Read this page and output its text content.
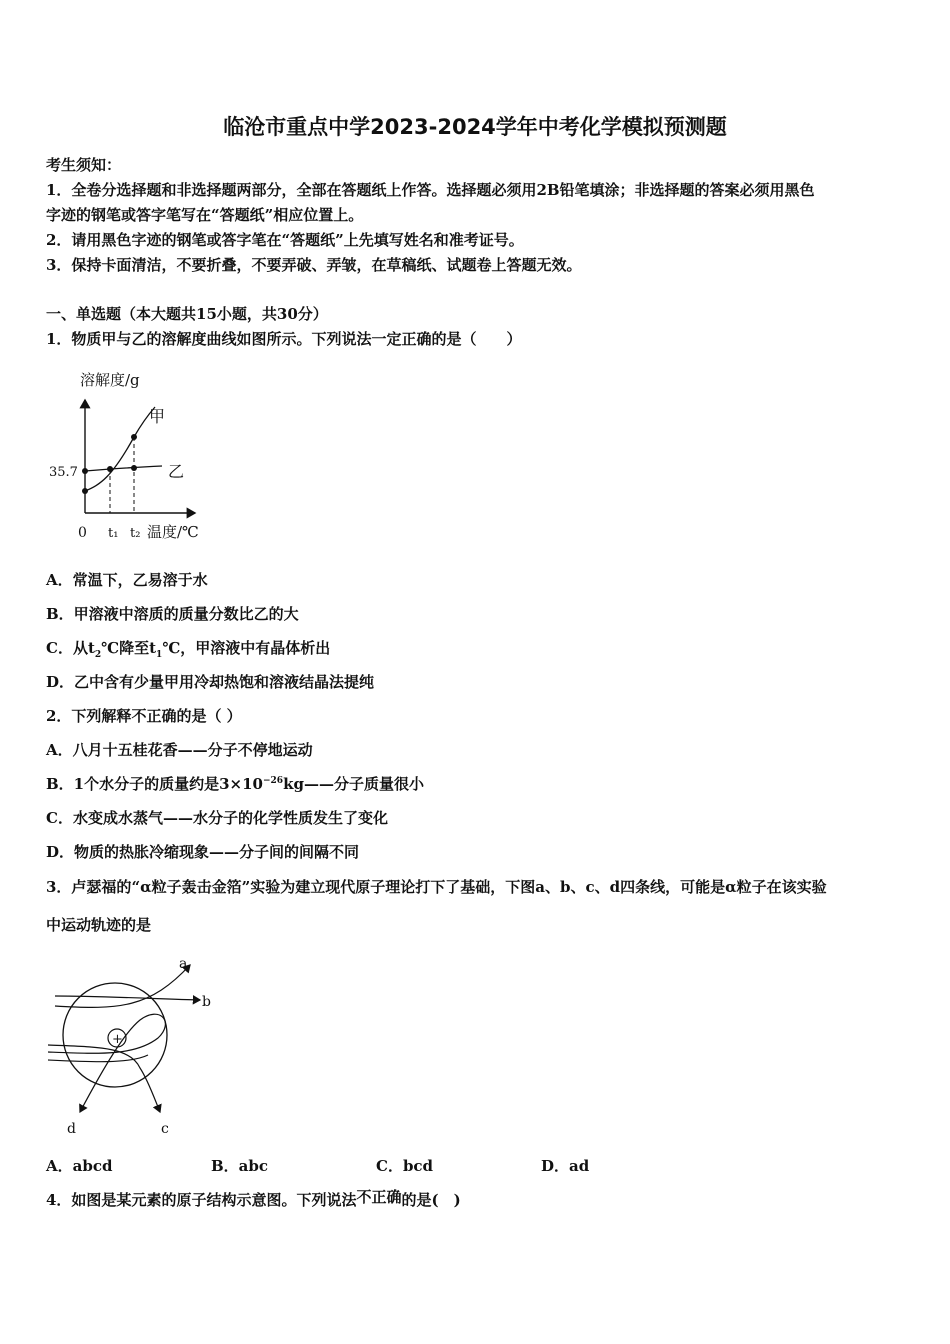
临沧市重点中学2023-2024学年中考化学模拟预测题
考生须知：
1．全卷分选择题和非选择题两部分，全部在答题纸上作答。选择题必须用2B铅笔填涂；非选择题的答案必须用黑色
字迹的钢笔或答字笔写在“答题纸”相应位置上。
2．请用黑色字迹的钢笔或答字笔在“答题纸”上先填写姓名和准考证号。
3．保持卡面清洁，不要折叠，不要弄破、弄皱，在草稿纸、试题卷上答题无效。
一、单选题（本大题共15小题，共30分）
1．物质甲与乙的溶解度曲线如图所示。下列说法一定正确的是（　　）
溶解度/g
35.7
甲
乙
0 t₁ t₂ 温度/℃
A．常温下，乙易溶于水
B．甲溶液中溶质的质量分数比乙的大
C．从$t_2℃$降至$t_1℃$，甲溶液中有晶体析出
D．乙中含有少量甲用冷却热饱和溶液结晶法提纯
2．下列解释不正确的是（ ）
A．八月十五桂花香——分子不停地运动
B．1个水分子的质量约是$3\times 10^{-26}kg——$分子质量很小
C．水变成水蒸气——水分子的化学性质发生了变化
D．物质的热胀冷缩现象——分子间的间隔不同
3．卢瑟福的“α粒子轰击金箔”实验为建立现代原子理论打下了基础，下图a、b、c、d四条线，可能是α粒子在该实验
中运动轨迹的是
+
a
b
c
d
A．abcd	B．abc	C．bcd	D．ad
4．如图是某元素的原子结构示意图。下列说法不正确的是(　)
